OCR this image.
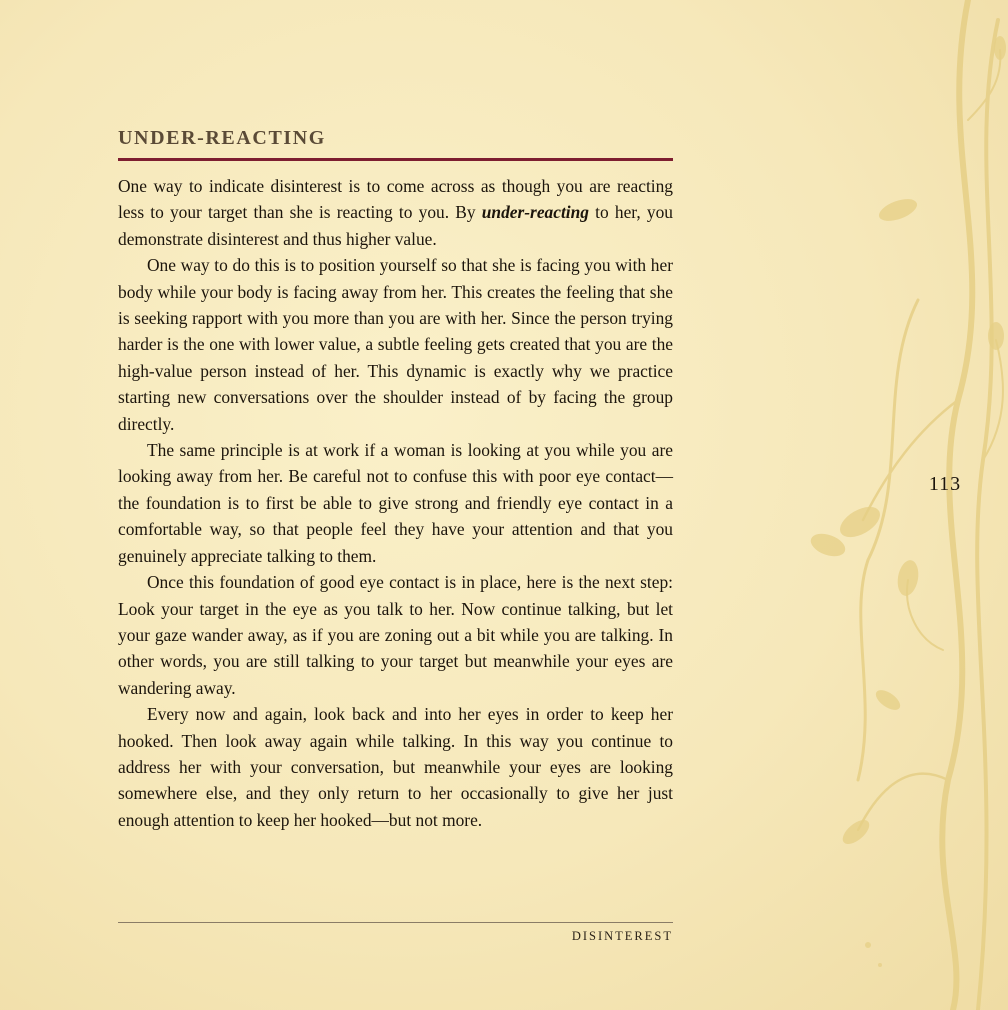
UNDER-REACTING

One way to indicate disinterest is to come across as though you are reacting less to your target than she is reacting to you. By under-reacting to her, you demonstrate disinterest and thus higher value.

One way to do this is to position yourself so that she is facing you with her body while your body is facing away from her. This creates the feeling that she is seeking rapport with you more than you are with her. Since the person trying harder is the one with lower value, a subtle feeling gets created that you are the high-value person instead of her. This dynamic is exactly why we practice starting new conversations over the shoulder instead of by facing the group directly.

The same principle is at work if a woman is looking at you while you are looking away from her. Be careful not to confuse this with poor eye contact—the foundation is to first be able to give strong and friendly eye contact in a comfortable way, so that people feel they have your attention and that you genuinely appreciate talking to them.

Once this foundation of good eye contact is in place, here is the next step: Look your target in the eye as you talk to her. Now continue talking, but let your gaze wander away, as if you are zoning out a bit while you are talking. In other words, you are still talking to your target but meanwhile your eyes are wandering away.

Every now and again, look back and into her eyes in order to keep her hooked. Then look away again while talking. In this way you continue to address her with your conversation, but meanwhile your eyes are looking somewhere else, and they only return to her occasionally to give her just enough attention to keep her hooked—but not more.

DISINTEREST
113
